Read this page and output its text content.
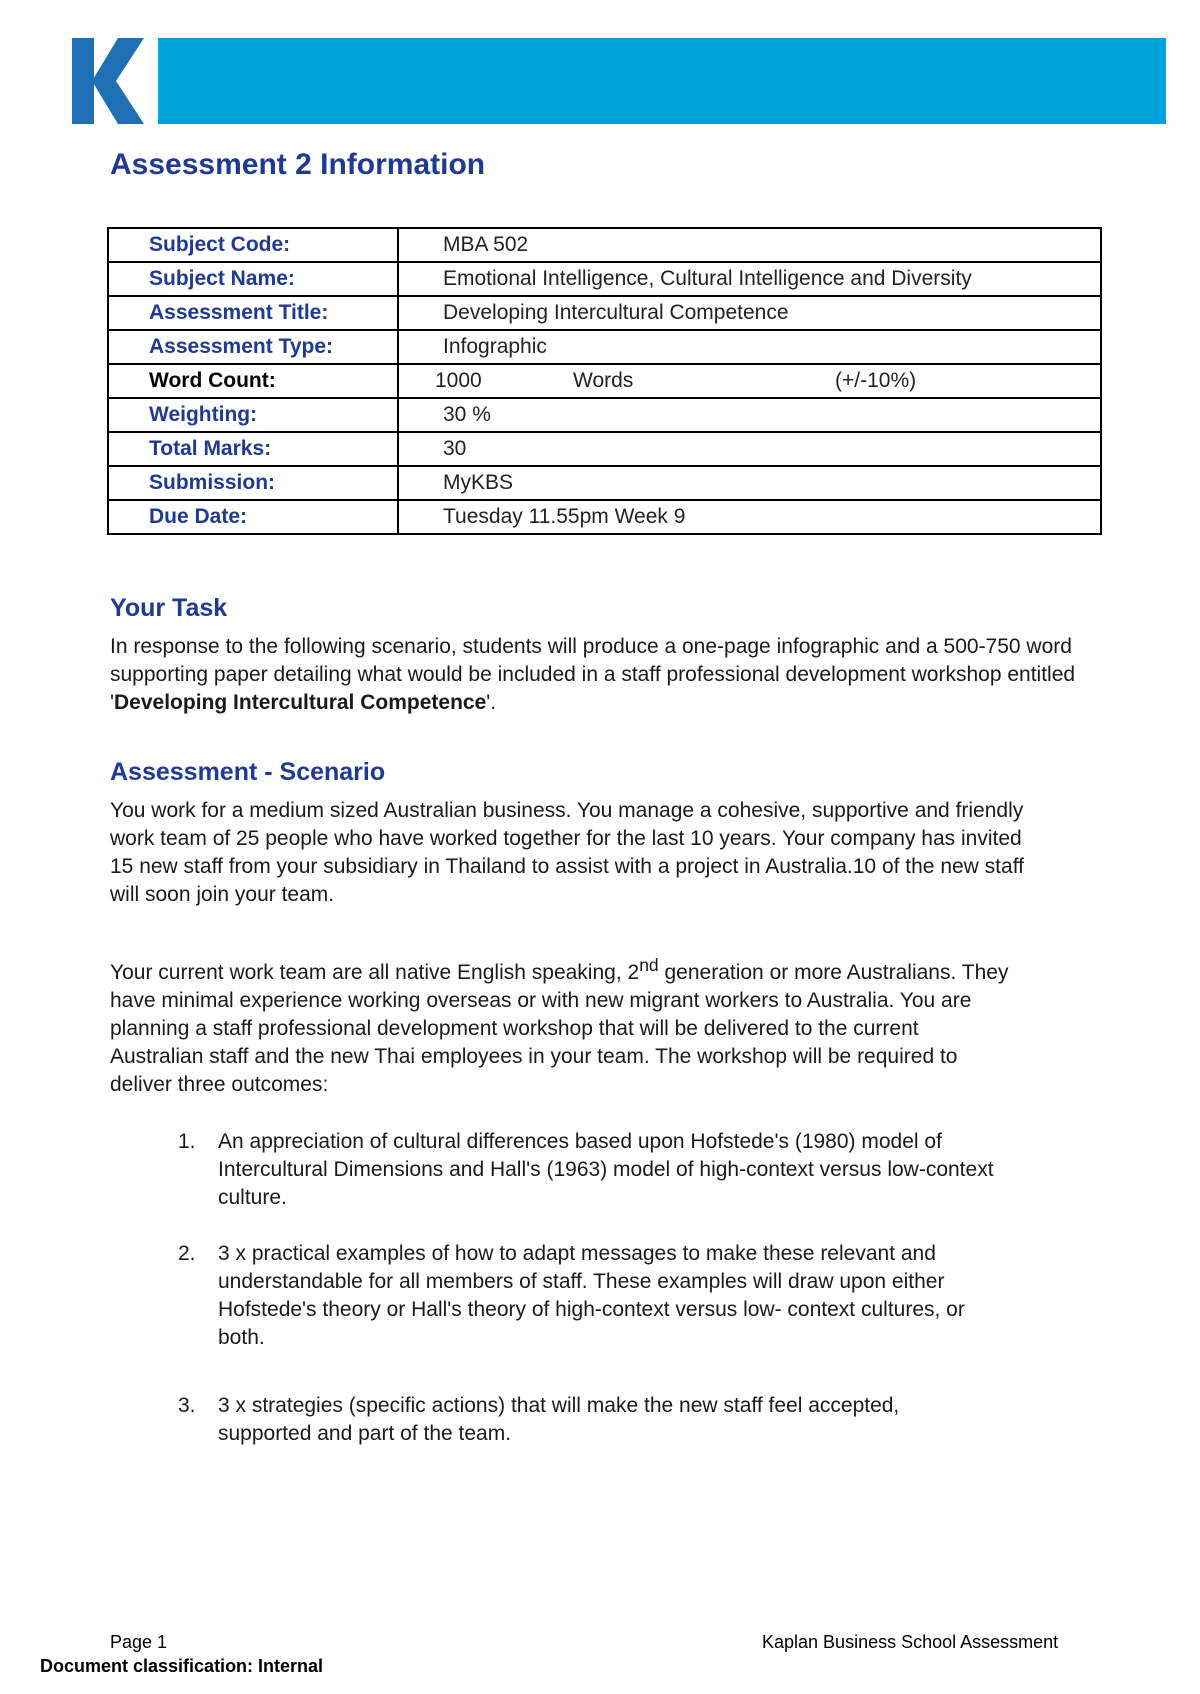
Assessment 2 Information
Subject Code:	MBA 502
Subject Name:	Emotional Intelligence, Cultural Intelligence and Diversity
Assessment Title:	Developing Intercultural Competence
Assessment Type:	Infographic
Word Count:	1000 Words (+/-10%)

Weighting:	30 %
Total Marks:	30
Submission:	MyKBS
Due Date:	Tuesday 11.55pm Week 9
Your Task

In response to the following scenario, students will produce a one-page infographic and a 500-750 word supporting paper detailing what would be included in a staff professional development workshop entitled 'Developing Intercultural Competence'.

Assessment - Scenario

You work for a medium sized Australian business. You manage a cohesive, supportive and friendly work team of 25 people who have worked together for the last 10 years. Your company has invited 15 new staff from your subsidiary in Thailand to assist with a project in Australia.10 of the new staff will soon join your team.

Your current work team are all native English speaking, 2nd generation or more Australians. They have minimal experience working overseas or with new migrant workers to Australia. You are planning a staff professional development workshop that will be delivered to the current Australian staff and the new Thai employees in your team. The workshop will be required to deliver three outcomes:

1. An appreciation of cultural differences based upon Hofstede's (1980) model of Intercultural Dimensions and Hall's (1963) model of high-context versus low-context culture.
2. 3 x practical examples of how to adapt messages to make these relevant and understandable for all members of staff. These examples will draw upon either Hofstede's theory or Hall's theory of high-context versus low- context cultures, or both.
3. 3 x strategies (specific actions) that will make the new staff feel accepted, supported and part of the team.
Page 1	Kaplan Business School Assessment
Document classification: Internal
